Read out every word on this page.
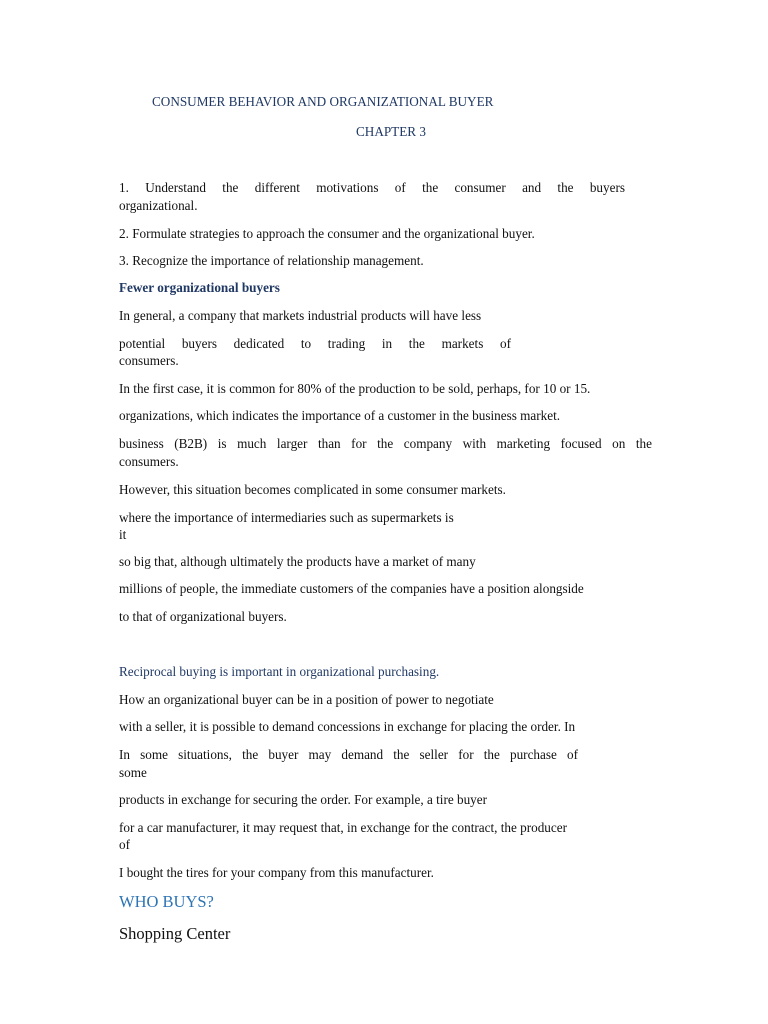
CONSUMER BEHAVIOR AND ORGANIZATIONAL BUYER

CHAPTER 3

1. Understand the different motivations of the consumer and the buyers

organizational.

2. Formulate strategies to approach the consumer and the organizational buyer.

3. Recognize the importance of relationship management.

Fewer organizational buyers

In general, a company that markets industrial products will have less

potential buyers dedicated to trading in the markets of

consumers.

In the first case, it is common for 80% of the production to be sold, perhaps, for 10 or 15.

organizations, which indicates the importance of a customer in the business market.

business (B2B) is much larger than for the company with marketing focused on the

consumers.

However, this situation becomes complicated in some consumer markets.

where the importance of intermediaries such as supermarkets is

it

so big that, although ultimately the products have a market of many

millions of people, the immediate customers of the companies have a position alongside

to that of organizational buyers.

Reciprocal buying is important in organizational purchasing.

How an organizational buyer can be in a position of power to negotiate

with a seller, it is possible to demand concessions in exchange for placing the order. In

In some situations, the buyer may demand the seller for the purchase of

some

products in exchange for securing the order. For example, a tire buyer

for a car manufacturer, it may request that, in exchange for the contract, the producer

of

I bought the tires for your company from this manufacturer.

WHO BUYS?

Shopping Center
